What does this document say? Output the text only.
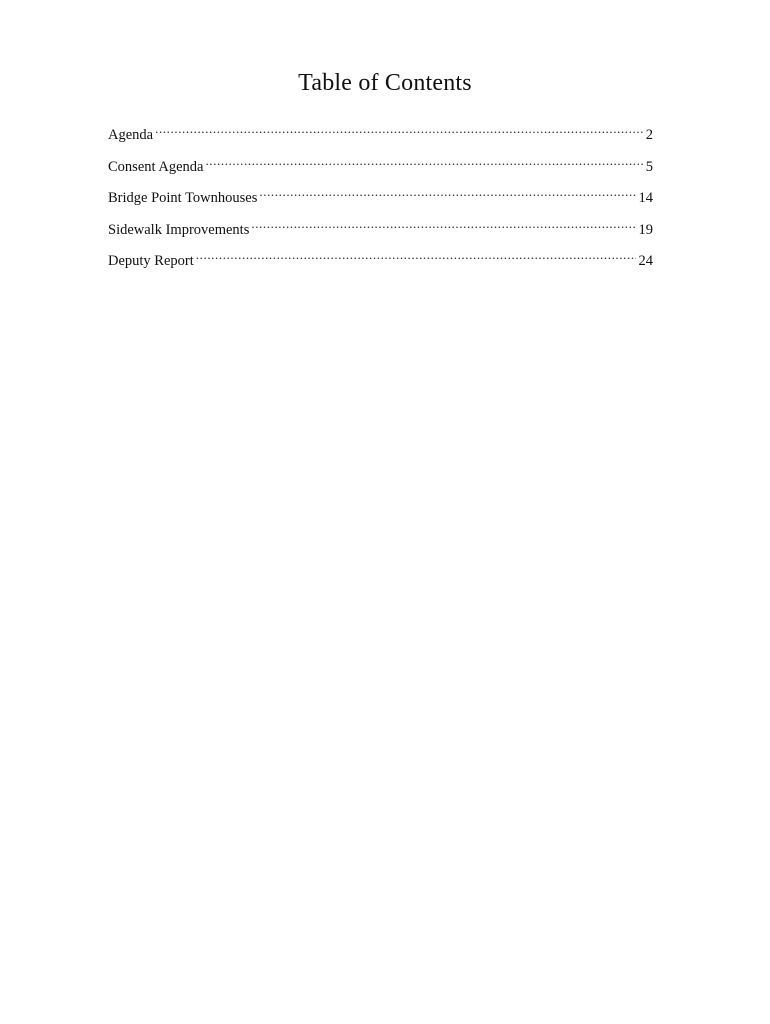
Table of Contents
Agenda .....	2
Consent Agenda .....	5
Bridge Point Townhouses .....	14
Sidewalk Improvements .....	19
Deputy Report .....	24
